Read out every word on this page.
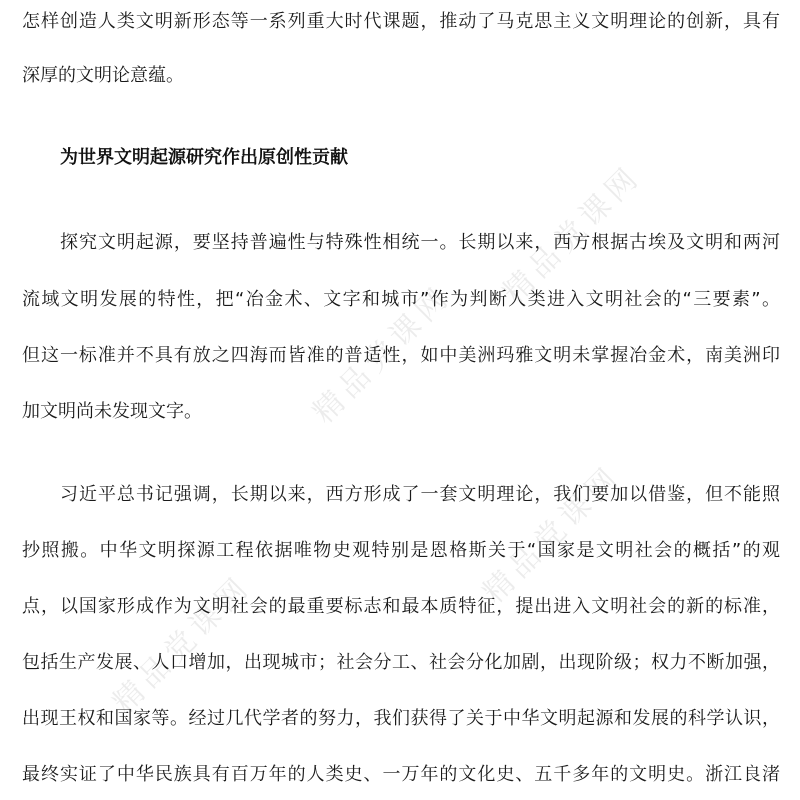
精品党课网
精品党课网
精品党课网
精品党课网
怎样创造人类文明新形态等一系列重大时代课题，推动了马克思主义文明理论的创新，具有
深厚的文明论意蕴。
为世界文明起源研究作出原创性贡献
探究文明起源，要坚持普遍性与特殊性相统一。长期以来，西方根据古埃及文明和两河
流域文明发展的特性，把“冶金术、文字和城市”作为判断人类进入文明社会的“三要素”。
但这一标准并不具有放之四海而皆准的普适性，如中美洲玛雅文明未掌握冶金术，南美洲印
加文明尚未发现文字。
习近平总书记强调，长期以来，西方形成了一套文明理论，我们要加以借鉴，但不能照
抄照搬。中华文明探源工程依据唯物史观特别是恩格斯关于“国家是文明社会的概括”的观
点，以国家形成作为文明社会的最重要标志和最本质特征，提出进入文明社会的新的标准，
包括生产发展、人口增加，出现城市；社会分工、社会分化加剧，出现阶级；权力不断加强，
出现王权和国家等。经过几代学者的努力，我们获得了关于中华文明起源和发展的科学认识，
最终实证了中华民族具有百万年的人类史、一万年的文化史、五千多年的文明史。浙江良渚
